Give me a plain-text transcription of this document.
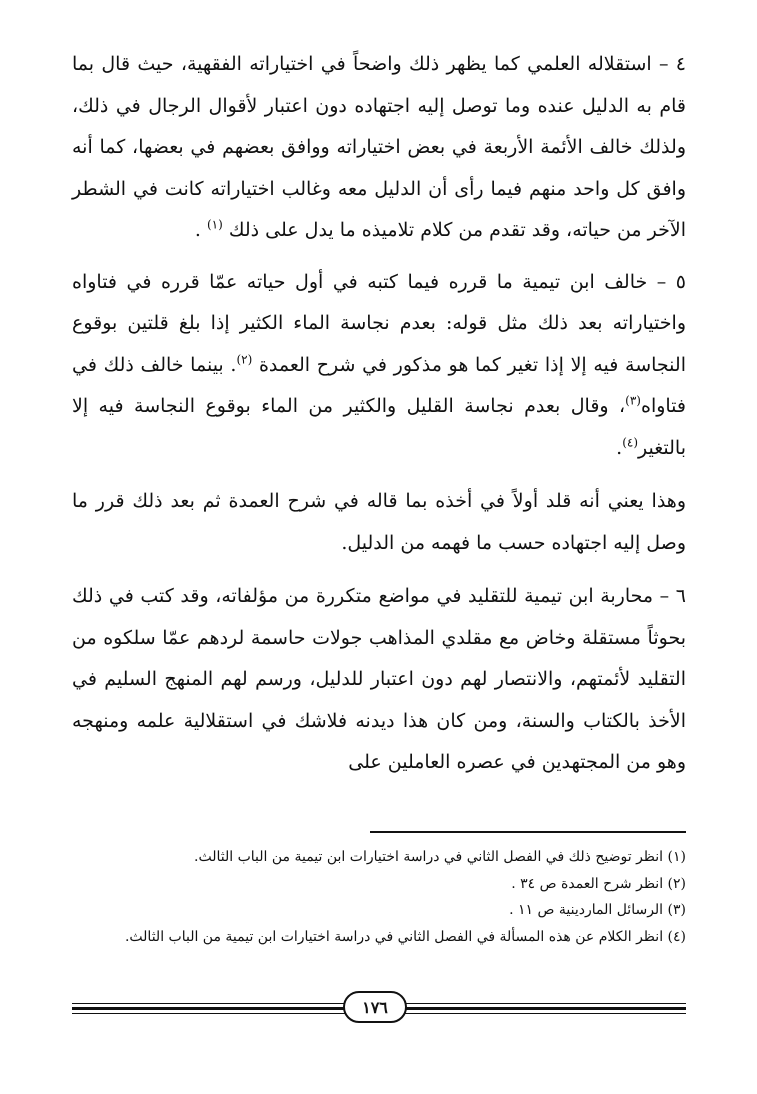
٤ – استقلاله العلمي كما يظهر ذلك واضحاً في اختياراته الفقهية، حيث قال بما قام به الدليل عنده وما توصل إليه اجتهاده دون اعتبار لأقوال الرجال في ذلك، ولذلك خالف الأئمة الأربعة في بعض اختياراته ووافق بعضهم في بعضها، كما أنه وافق كل واحد منهم فيما رأى أن الدليل معه وغالب اختياراته كانت في الشطر الآخر من حياته، وقد تقدم من كلام تلاميذه ما يدل على ذلك $^{(١)}$ .

٥ – خالف ابن تيمية ما قرره فيما كتبه في أول حياته عمّا قرره في فتاواه واختياراته بعد ذلك مثل قوله: بعدم نجاسة الماء الكثير إذا بلغ قلتين بوقوع النجاسة فيه إلا إذا تغير كما هو مذكور في شرح العمدة $^{(٢)}$. بينما خالف ذلك في فتاواه$^{(٣)}$، وقال بعدم نجاسة القليل والكثير من الماء بوقوع النجاسة فيه إلا بالتغير$^{(٤)}$.

وهذا يعني أنه قلد أولاً في أخذه بما قاله في شرح العمدة ثم بعد ذلك قرر ما وصل إليه اجتهاده حسب ما فهمه من الدليل.

٦ – محاربة ابن تيمية للتقليد في مواضع متكررة من مؤلفاته، وقد كتب في ذلك بحوثاً مستقلة وخاض مع مقلدي المذاهب جولات حاسمة لردهم عمّا سلكوه من التقليد لأئمتهم، والانتصار لهم دون اعتبار للدليل، ورسم لهم المنهج السليم في الأخذ بالكتاب والسنة، ومن كان هذا ديدنه فلاشك في استقلالية علمه ومنهجه وهو من المجتهدين في عصره العاملين على

(١) انظر توضيح ذلك في الفصل الثاني في دراسة اختيارات ابن تيمية من الباب الثالث.

(٢) انظر شرح العمدة ص ٣٤ .

(٣) الرسائل الماردينية ص ١١ .

(٤) انظر الكلام عن هذه المسألة في الفصل الثاني في دراسة اختيارات ابن تيمية من الباب الثالث.

١٧٦
